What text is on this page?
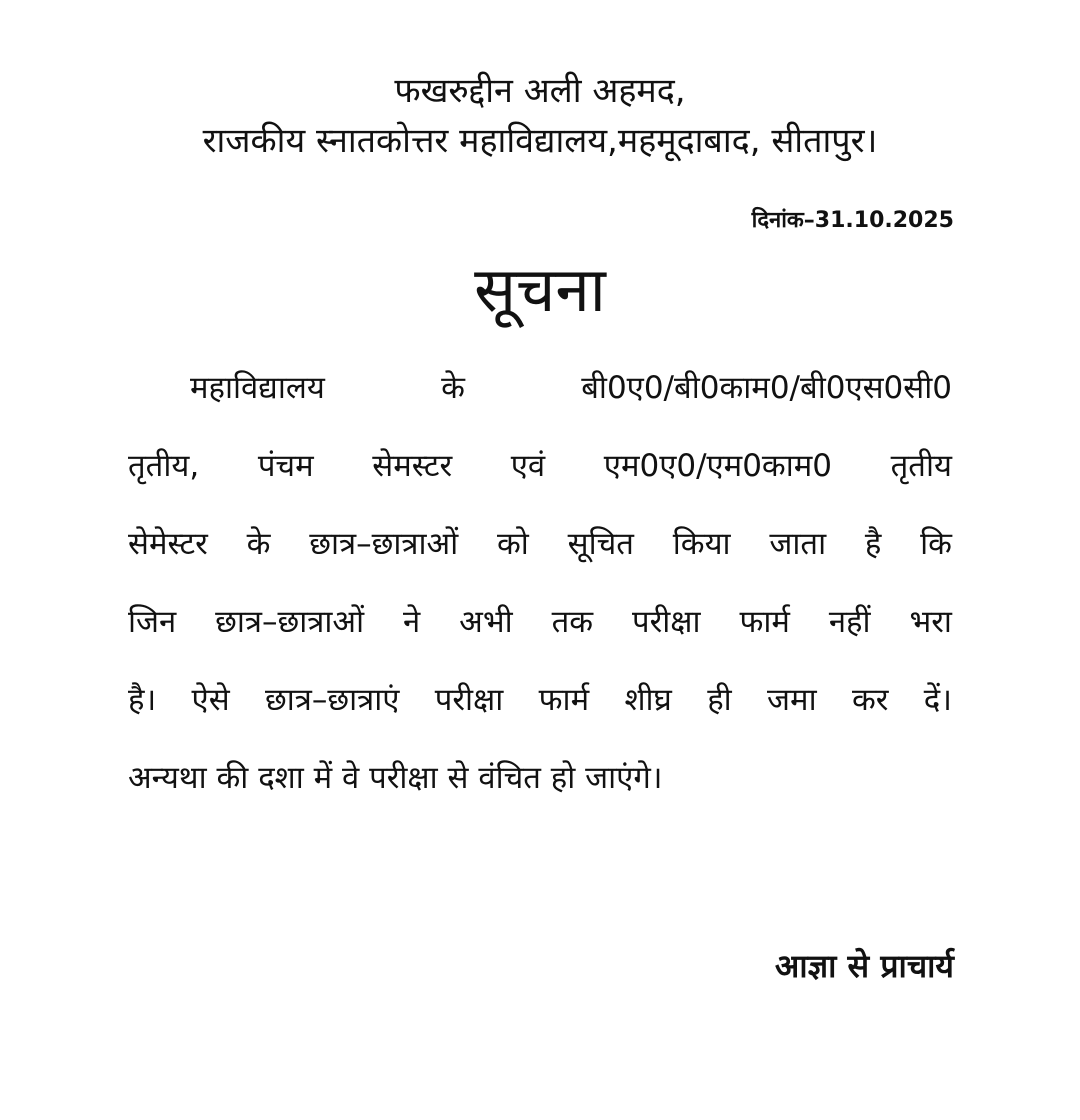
फखरुद्दीन अली अहमद,
राजकीय स्नातकोत्तर महाविद्यालय,महमूदाबाद, सीतापुर।
दिनांक–31.10.2025
सूचना
महाविद्यालय	के	बी0ए0/बी0काम0/बी0एस0सी0
तृतीय, पंचम सेमस्टर एवं एम0ए0/एम0काम0 तृतीय
सेमेस्टर के छात्र–छात्राओं को सूचित किया जाता है कि
जिन छात्र–छात्राओं ने अभी तक परीक्षा फार्म नहीं भरा
है। ऐसे छात्र–छात्राएं परीक्षा फार्म शीघ्र ही जमा कर दें।
अन्यथा की दशा में वे परीक्षा से वंचित हो जाएंगे।
आज्ञा से प्राचार्य
